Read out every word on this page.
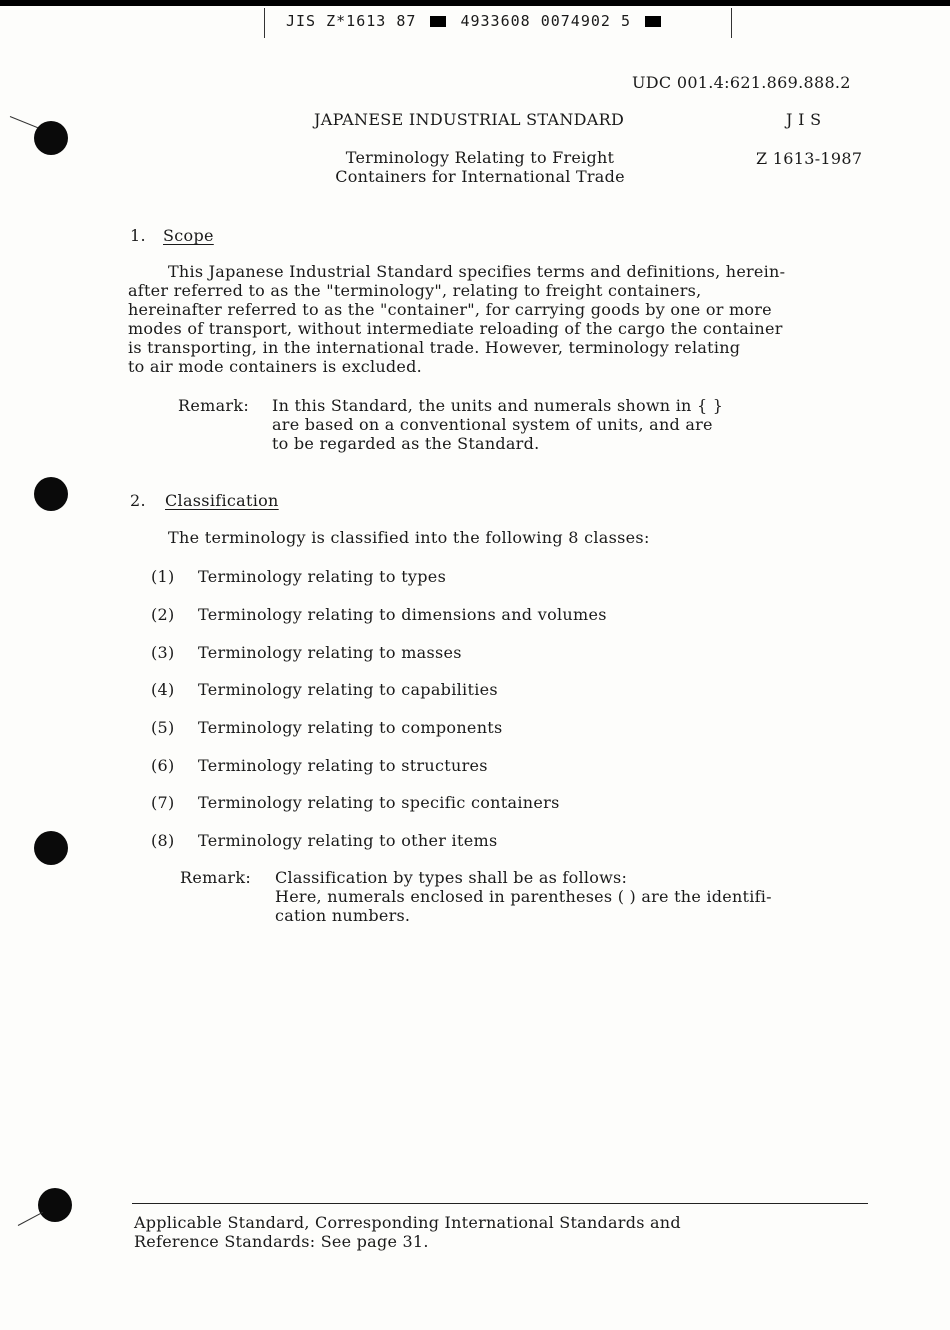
JIS Z*1613 87	4933608 0074902 5
UDC 001.4:621.869.888.2
JAPANESE INDUSTRIAL STANDARD	J I S
Terminology Relating to Freight
Containers for International Trade
Z 1613-1987
1. Scope
This Japanese Industrial Standard specifies terms and definitions, herein-
after referred to as the "terminology", relating to freight containers,
hereinafter referred to as the "container", for carrying goods by one or more
modes of transport, without intermediate reloading of the cargo the container
is transporting, in the international trade. However, terminology relating
to air mode containers is excluded.
Remark: In this Standard, the units and numerals shown in { }
are based on a conventional system of units, and are
to be regarded as the Standard.
2. Classification
The terminology is classified into the following 8 classes:
(1) Terminology relating to types
(2) Terminology relating to dimensions and volumes
(3) Terminology relating to masses
(4) Terminology relating to capabilities
(5) Terminology relating to components
(6) Terminology relating to structures
(7) Terminology relating to specific containers
(8) Terminology relating to other items
Remark: Classification by types shall be as follows:
Here, numerals enclosed in parentheses ( ) are the identifi-
cation numbers.
Applicable Standard, Corresponding International Standards and
Reference Standards: See page 31.
